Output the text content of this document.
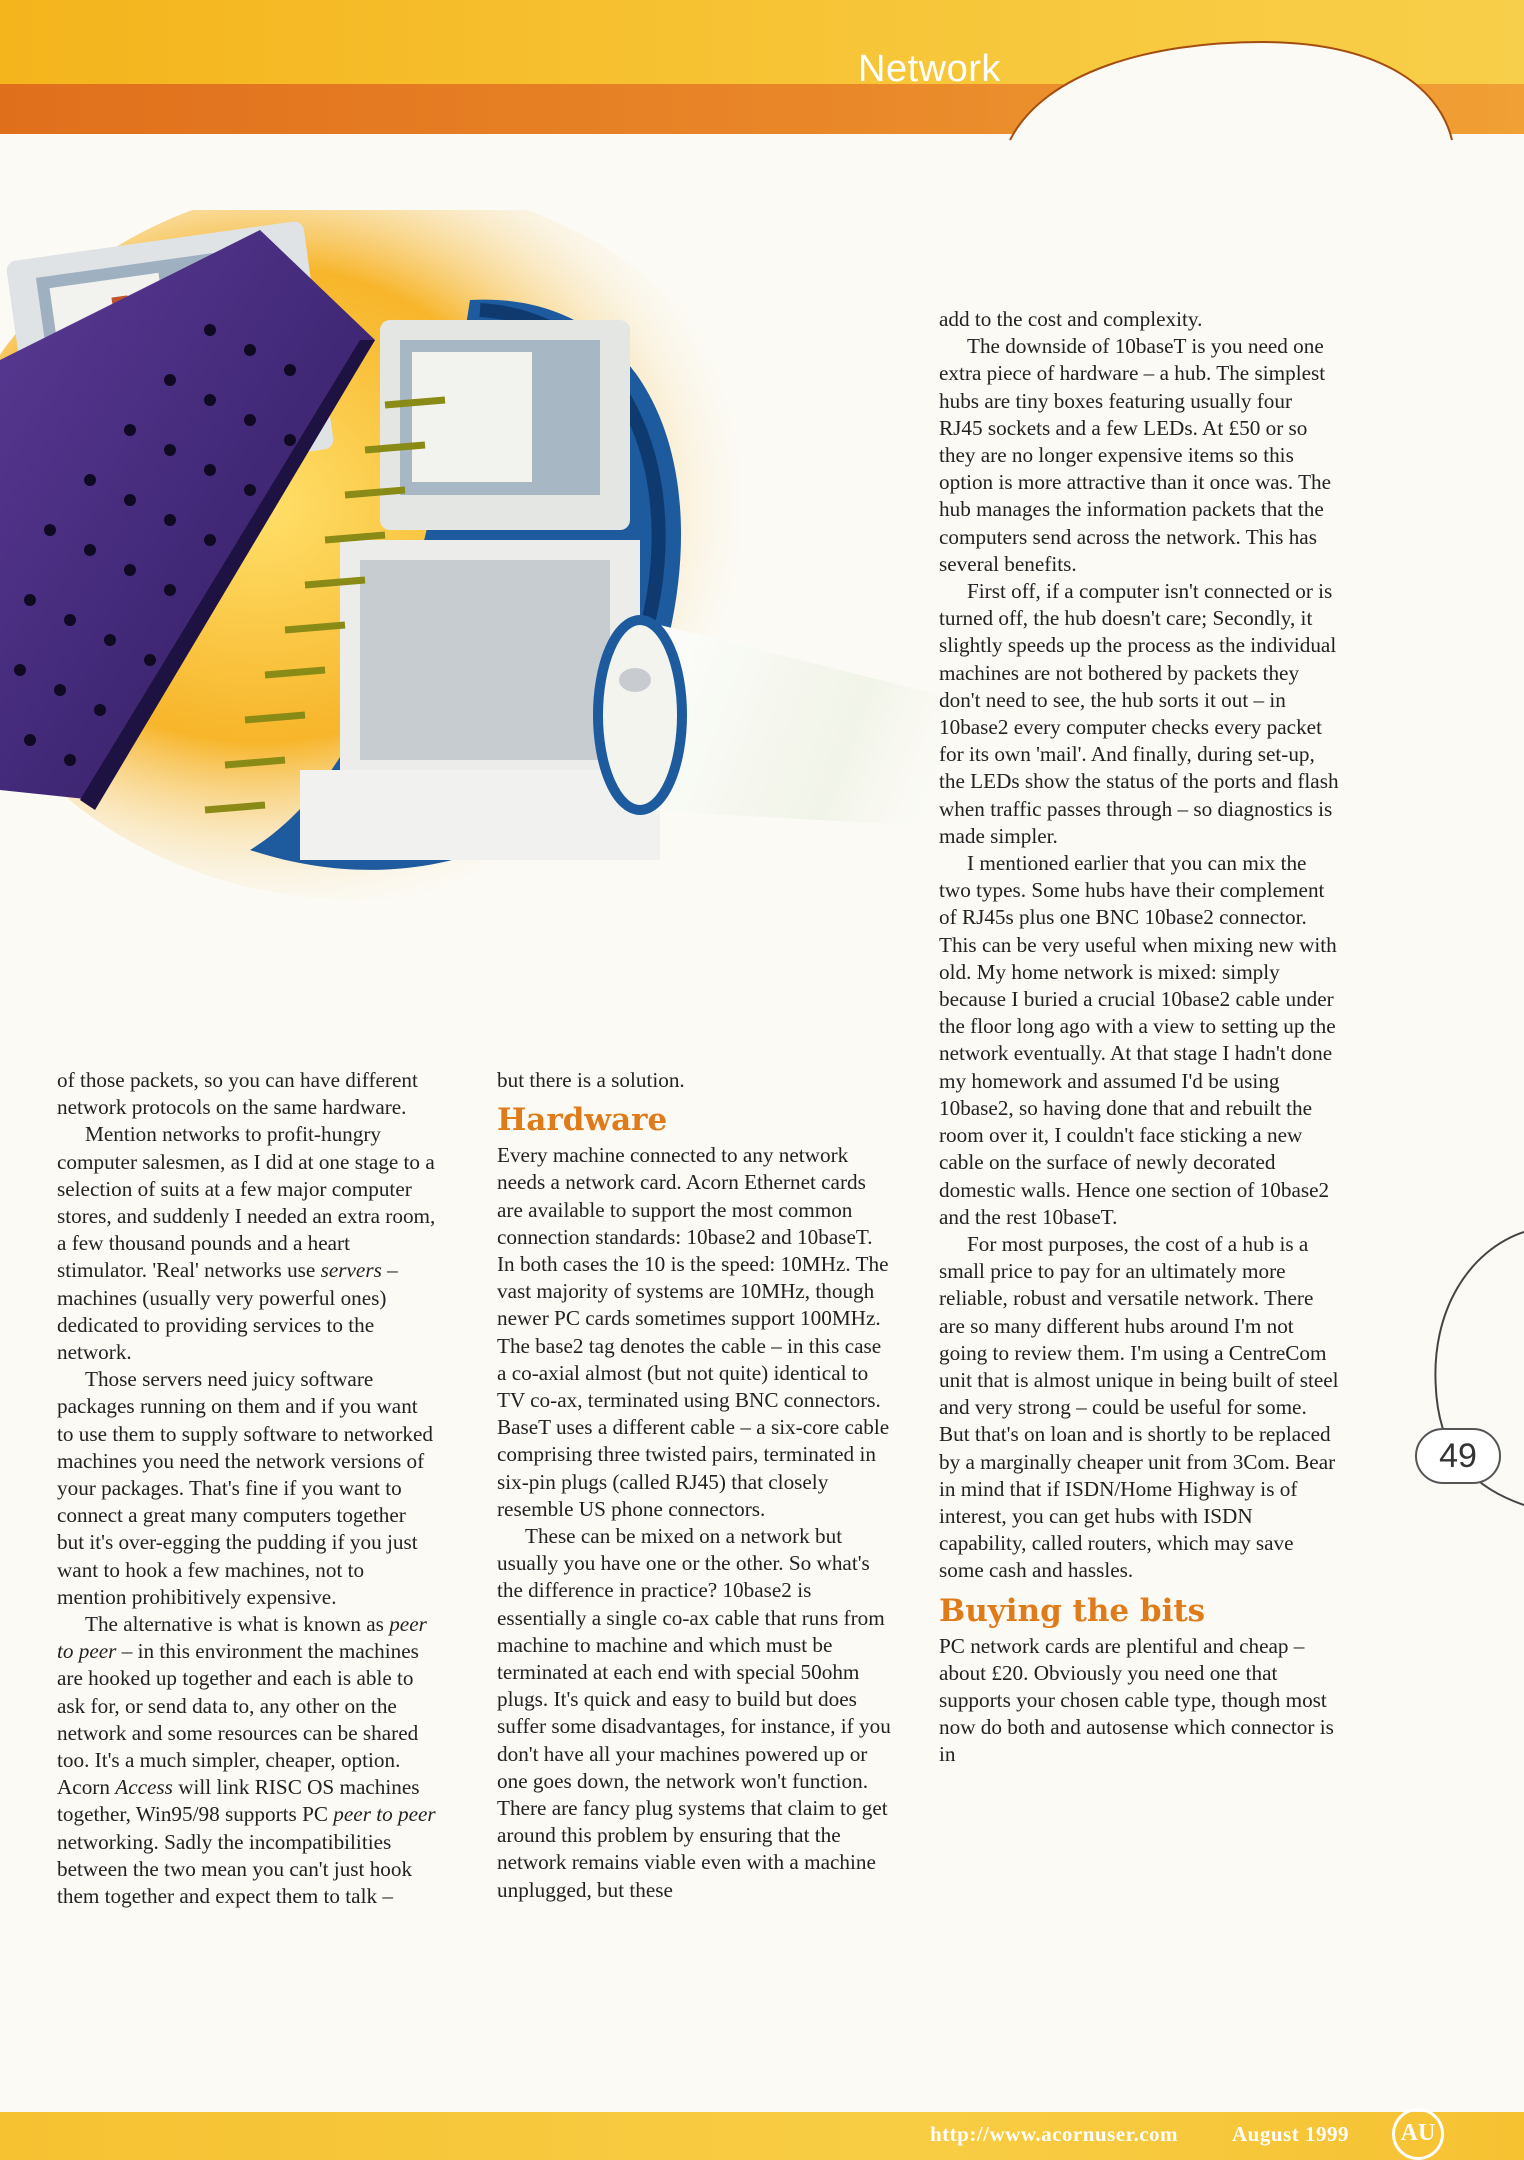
Network

of those packets, so you can have different network protocols on the same hardware.

Mention networks to profit-hungry computer salesmen, as I did at one stage to a selection of suits at a few major computer stores, and suddenly I needed an extra room, a few thousand pounds and a heart stimulator. 'Real' networks use servers – machines (usually very powerful ones) dedicated to providing services to the network.

Those servers need juicy software packages running on them and if you want to use them to supply software to networked machines you need the network versions of your packages. That's fine if you want to connect a great many computers together but it's over-egging the pudding if you just want to hook a few machines, not to mention prohibitively expensive.

The alternative is what is known as peer to peer – in this environment the machines are hooked up together and each is able to ask for, or send data to, any other on the network and some resources can be shared too. It's a much simpler, cheaper, option. Acorn Access will link RISC OS machines together, Win95/98 supports PC peer to peer networking. Sadly the incompatibilities between the two mean you can't just hook them together and expect them to talk –

but there is a solution.

Hardware

Every machine connected to any network needs a network card. Acorn Ethernet cards are available to support the most common connection standards: 10base2 and 10baseT. In both cases the 10 is the speed: 10MHz. The vast majority of systems are 10MHz, though newer PC cards sometimes support 100MHz. The base2 tag denotes the cable – in this case a co-axial almost (but not quite) identical to TV co-ax, terminated using BNC connectors. BaseT uses a different cable – a six-core cable comprising three twisted pairs, terminated in six-pin plugs (called RJ45) that closely resemble US phone connectors.

These can be mixed on a network but usually you have one or the other. So what's the difference in practice? 10base2 is essentially a single co-ax cable that runs from machine to machine and which must be terminated at each end with special 50ohm plugs. It's quick and easy to build but does suffer some disadvantages, for instance, if you don't have all your machines powered up or one goes down, the network won't function. There are fancy plug systems that claim to get around this problem by ensuring that the network remains viable even with a machine unplugged, but these

add to the cost and complexity.

The downside of 10baseT is you need one extra piece of hardware – a hub. The simplest hubs are tiny boxes featuring usually four RJ45 sockets and a few LEDs. At £50 or so they are no longer expensive items so this option is more attractive than it once was. The hub manages the information packets that the computers send across the network. This has several benefits.

First off, if a computer isn't connected or is turned off, the hub doesn't care; Secondly, it slightly speeds up the process as the individual machines are not bothered by packets they don't need to see, the hub sorts it out – in 10base2 every computer checks every packet for its own 'mail'. And finally, during set-up, the LEDs show the status of the ports and flash when traffic passes through – so diagnostics is made simpler.

I mentioned earlier that you can mix the two types. Some hubs have their complement of RJ45s plus one BNC 10base2 connector. This can be very useful when mixing new with old. My home network is mixed: simply because I buried a crucial 10base2 cable under the floor long ago with a view to setting up the network eventually. At that stage I hadn't done my homework and assumed I'd be using 10base2, so having done that and rebuilt the room over it, I couldn't face sticking a new cable on the surface of newly decorated domestic walls. Hence one section of 10base2 and the rest 10baseT.

For most purposes, the cost of a hub is a small price to pay for an ultimately more reliable, robust and versatile network. There are so many different hubs around I'm not going to review them. I'm using a CentreCom unit that is almost unique in being built of steel and very strong – could be useful for some. But that's on loan and is shortly to be replaced by a marginally cheaper unit from 3Com. Bear in mind that if ISDN/Home Highway is of interest, you can get hubs with ISDN capability, called routers, which may save some cash and hassles.

Buying the bits

PC network cards are plentiful and cheap – about £20. Obviously you need one that supports your chosen cable type, though most now do both and autosense which connector is in

49
http://www.acornuser.com	August 1999	AU
